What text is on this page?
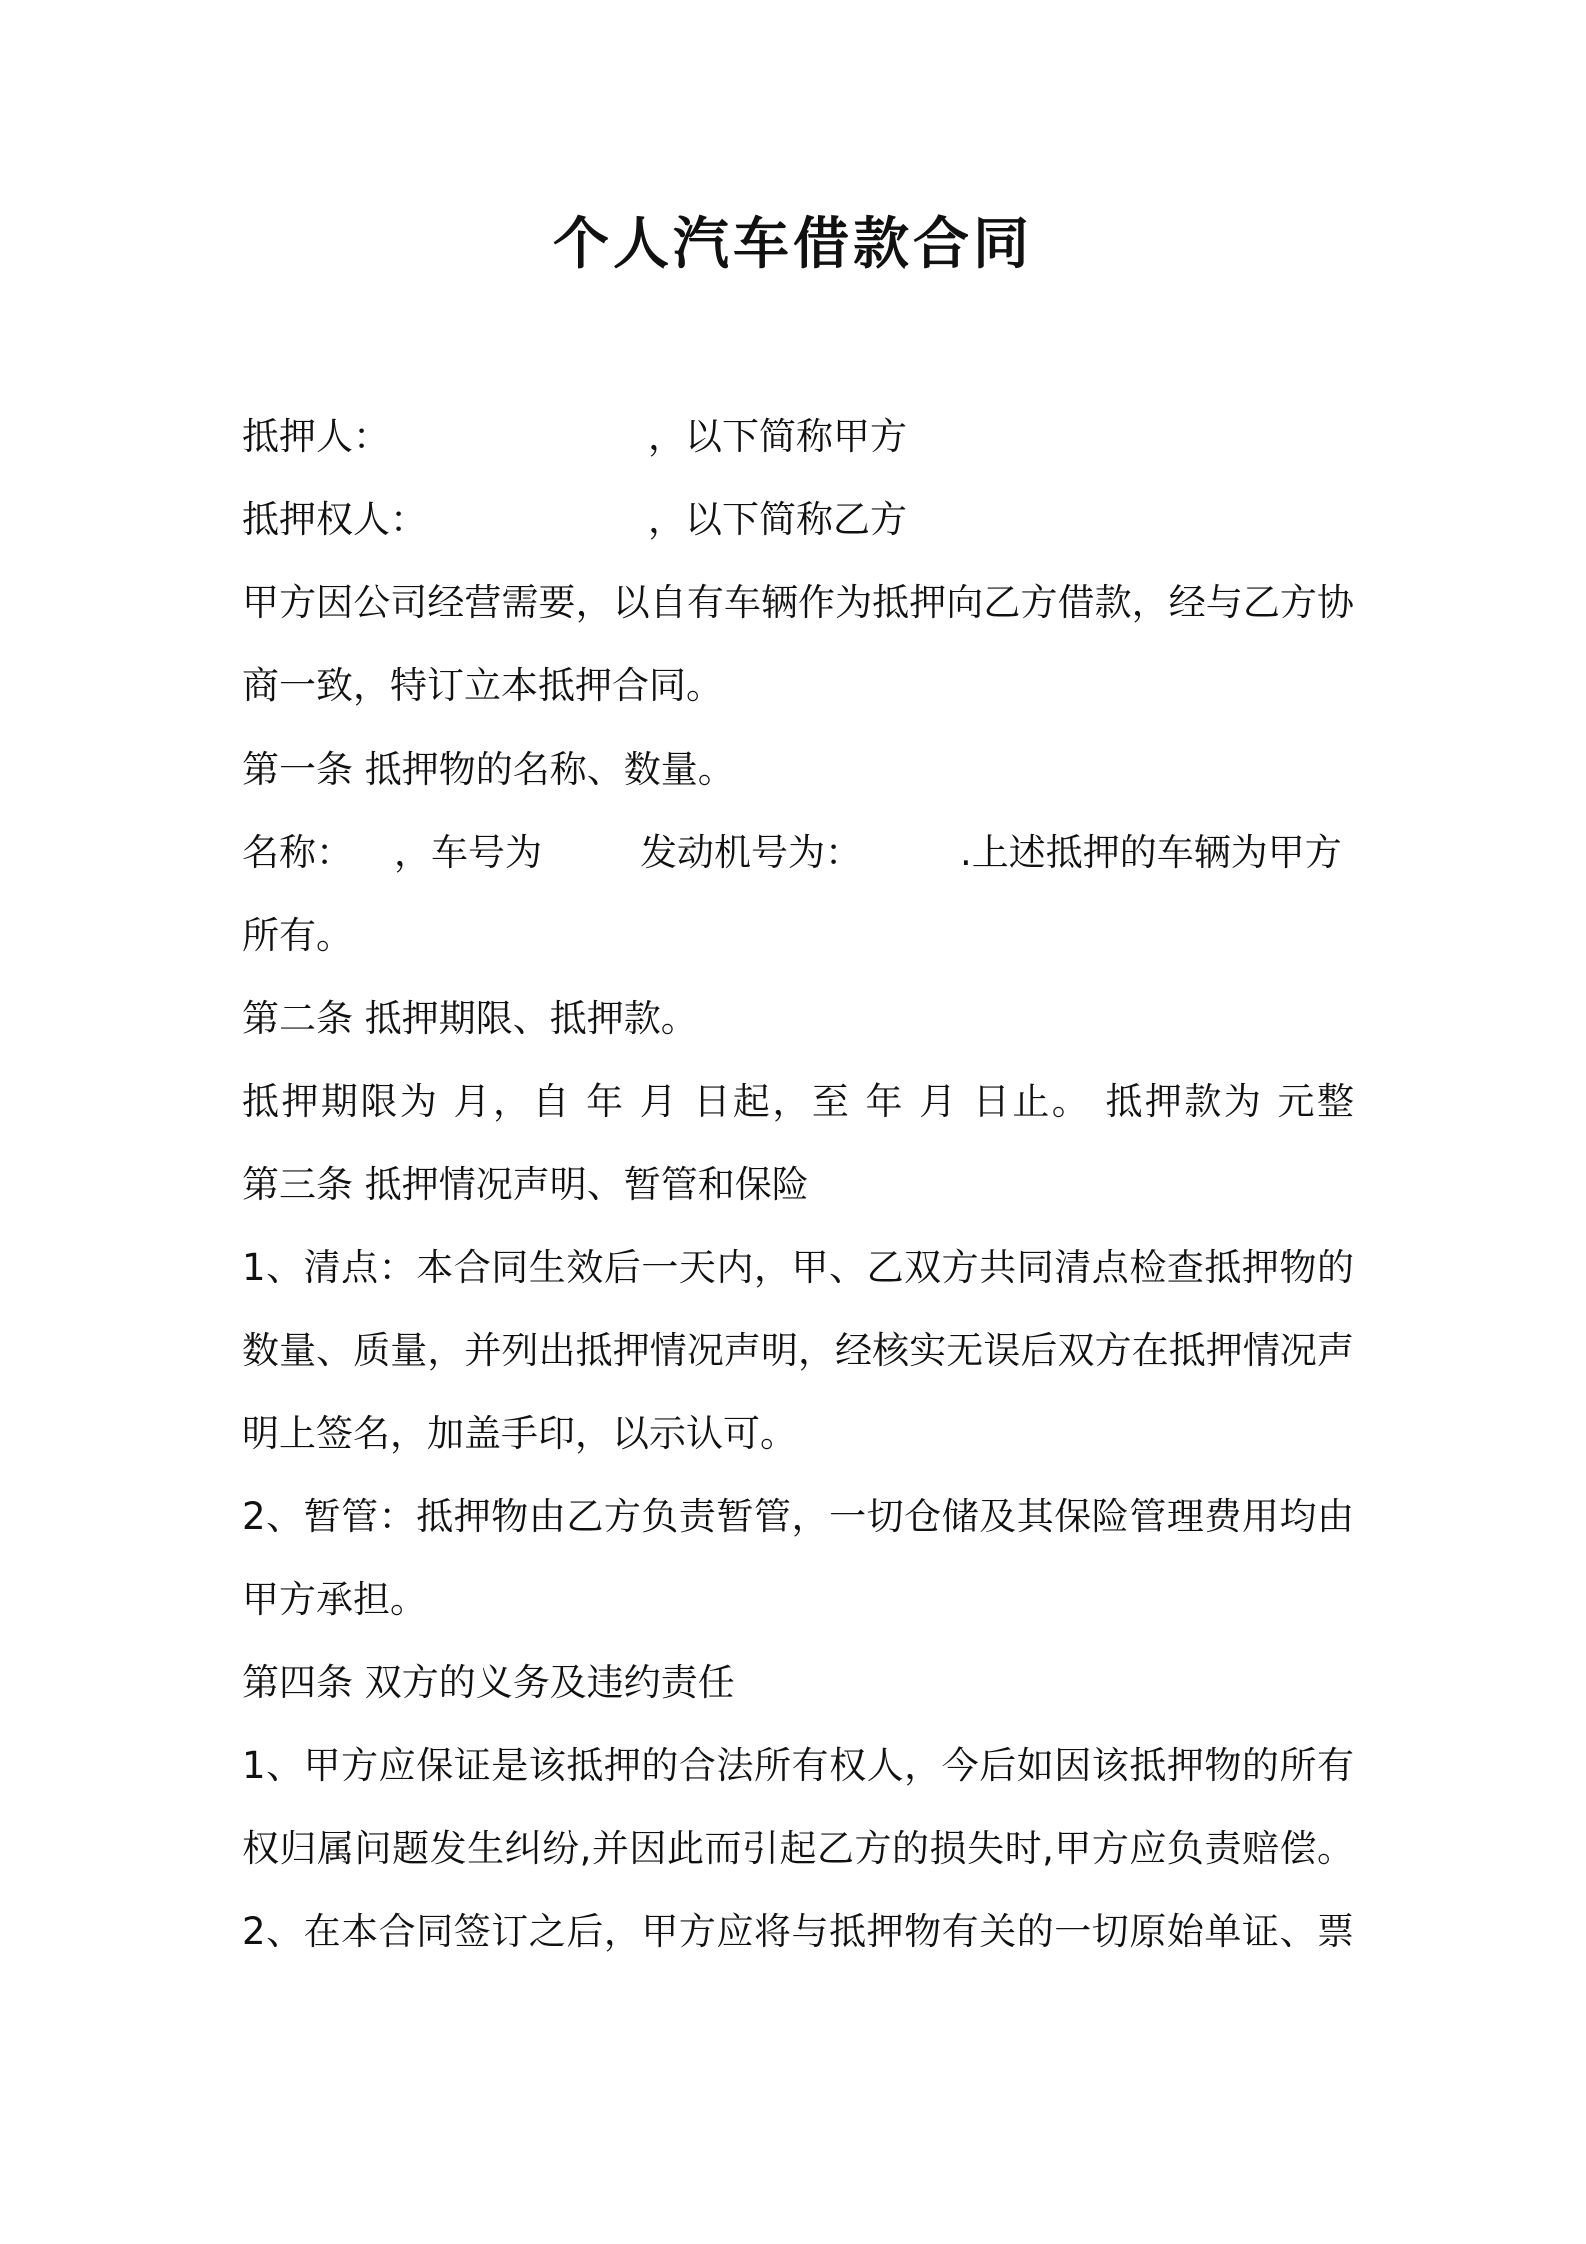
个人汽车借款合同
抵押人：	，以下简称甲方
抵押权人：	，以下简称乙方
甲方因公司经营需要，以自有车辆作为抵押向乙方借款，经与乙方协
商一致，特订立本抵押合同。
第一条 抵押物的名称、数量。
名称： ，车号为	发动机号为：	.上述抵押的车辆为甲方
所有。
第二条 抵押期限、抵押款。
抵押期限为 月，自 年 月 日起，至 年 月 日止。 抵押款为 元整
第三条 抵押情况声明、暂管和保险
1、清点：本合同生效后一天内，甲、乙双方共同清点检查抵押物的
数量、质量，并列出抵押情况声明，经核实无误后双方在抵押情况声
明上签名，加盖手印，以示认可。
2、暂管：抵押物由乙方负责暂管，一切仓储及其保险管理费用均由
甲方承担。
第四条 双方的义务及违约责任
1、甲方应保证是该抵押的合法所有权人，今后如因该抵押物的所有
权归属问题发生纠纷,并因此而引起乙方的损失时,甲方应负责赔偿。
2、在本合同签订之后，甲方应将与抵押物有关的一切原始单证、票
